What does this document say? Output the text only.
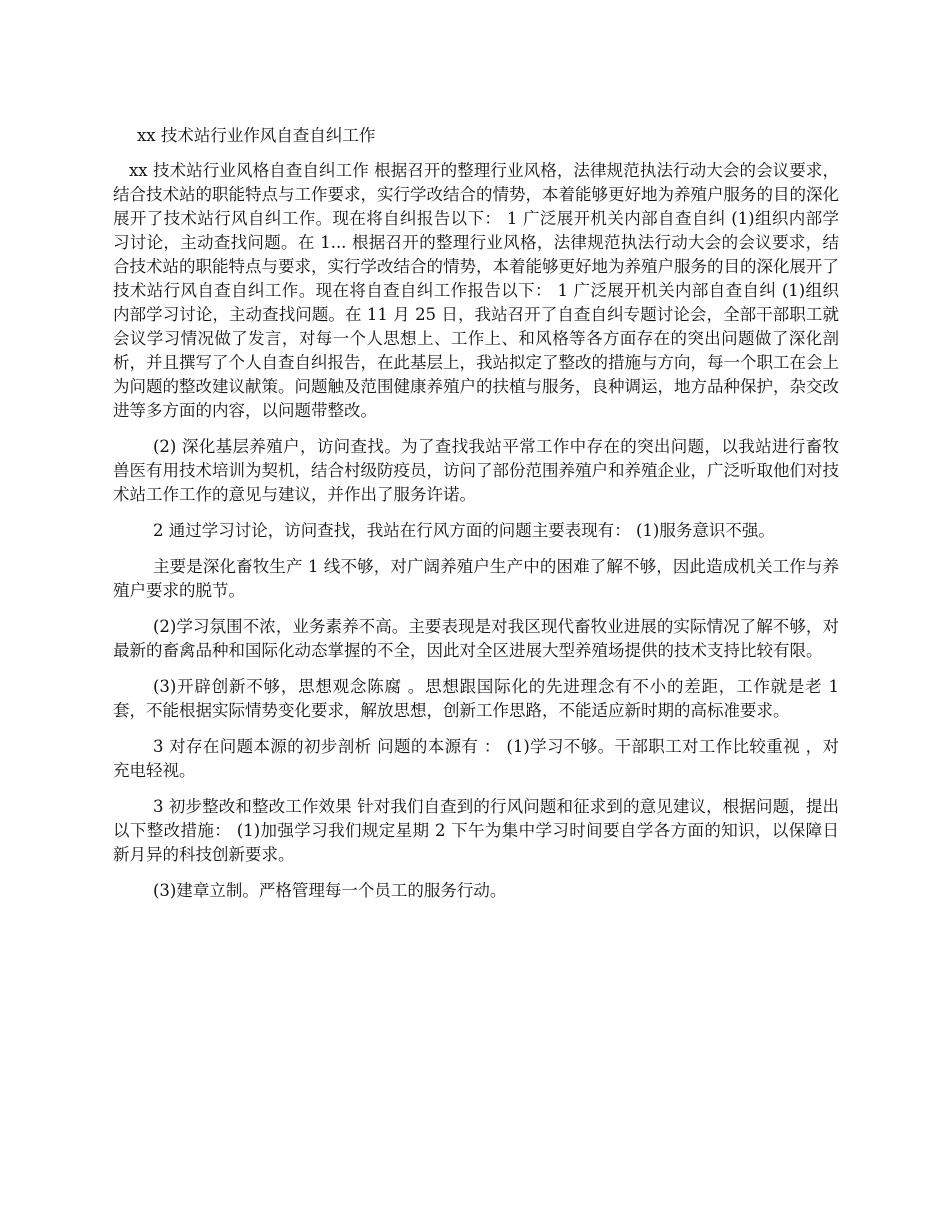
xx 技术站行业作风自查自纠工作

xx 技术站行业风格自查自纠工作 根据召开的整理行业风格，法律规范执法行动大会的会议要求，结合技术站的职能特点与工作要求，实行学改结合的情势，本着能够更好地为养殖户服务的目的深化展开了技术站行风自纠工作。现在将自纠报告以下： 1 广泛展开机关内部自查自纠 (1)组织内部学习讨论，主动查找问题。在 1... 根据召开的整理行业风格，法律规范执法行动大会的会议要求，结合技术站的职能特点与要求，实行学改结合的情势，本着能够更好地为养殖户服务的目的深化展开了技术站行风自查自纠工作。现在将自查自纠工作报告以下： 1 广泛展开机关内部自查自纠 (1)组织内部学习讨论，主动查找问题。在 11 月 25 日，我站召开了自查自纠专题讨论会，全部干部职工就会议学习情况做了发言，对每一个人思想上、工作上、和风格等各方面存在的突出问题做了深化剖析，并且撰写了个人自查自纠报告，在此基层上，我站拟定了整改的措施与方向，每一个职工在会上为问题的整改建议献策。问题触及范围健康养殖户的扶植与服务，良种调运，地方品种保护，杂交改进等多方面的内容，以问题带整改。

(2) 深化基层养殖户，访问查找。为了查找我站平常工作中存在的突出问题，以我站进行畜牧兽医有用技术培训为契机，结合村级防疫员，访问了部份范围养殖户和养殖企业，广泛听取他们对技术站工作工作的意见与建议，并作出了服务许诺。

2 通过学习讨论，访问查找，我站在行风方面的问题主要表现有： (1)服务意识不强。

主要是深化畜牧生产 1 线不够，对广阔养殖户生产中的困难了解不够，因此造成机关工作与养殖户要求的脱节。

(2)学习氛围不浓，业务素养不高。主要表现是对我区现代畜牧业进展的实际情况了解不够，对最新的畜禽品种和国际化动态掌握的不全，因此对全区进展大型养殖场提供的技术支持比较有限。

(3)开辟创新不够，思想观念陈腐 。思想跟国际化的先进理念有不小的差距，工作就是老 1 套，不能根据实际情势变化要求，解放思想，创新工作思路，不能适应新时期的高标准要求。

3 对存在问题本源的初步剖析 问题的本源有 ： (1)学习不够。干部职工对工作比较重视 ，对充电轻视。

3 初步整改和整改工作效果 针对我们自查到的行风问题和征求到的意见建议，根据问题，提出以下整改措施： (1)加强学习我们规定星期 2 下午为集中学习时间要自学各方面的知识，以保障日新月异的科技创新要求。

(3)建章立制。严格管理每一个员工的服务行动。
